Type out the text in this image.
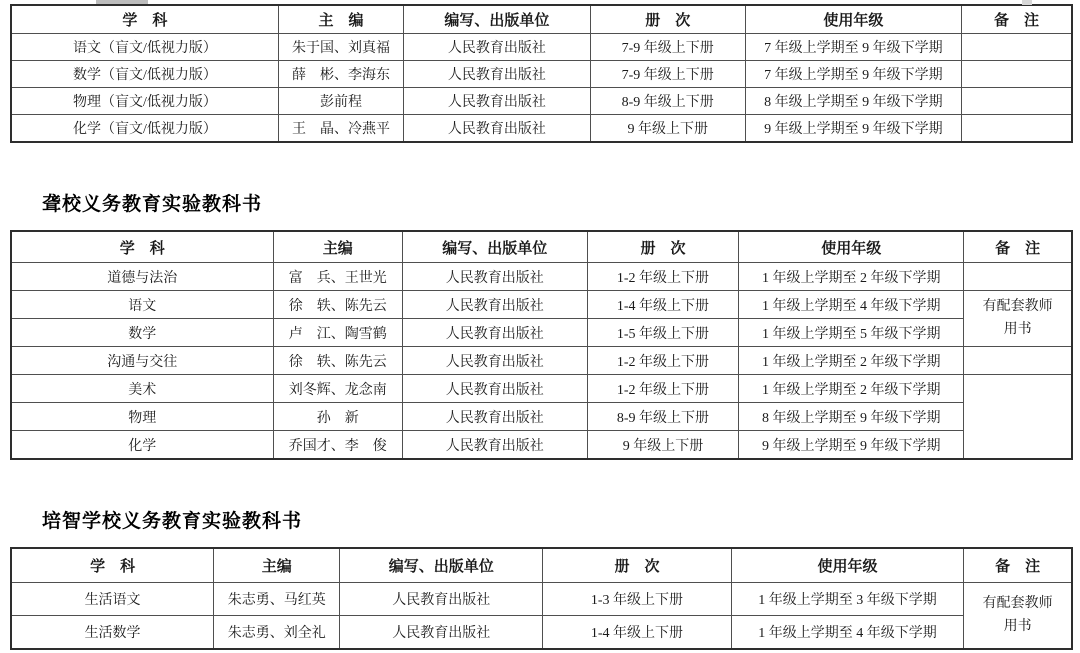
学　科	主　编	编写、出版单位	册　次	使用年级	备　注
语文（盲文/低视力版）	朱于国、刘真福	人民教育出版社	7-9 年级上下册	7 年级上学期至 9 年级下学期	
数学（盲文/低视力版）	薛　彬、李海东	人民教育出版社	7-9 年级上下册	7 年级上学期至 9 年级下学期	
物理（盲文/低视力版）	彭前程	人民教育出版社	8-9 年级上下册	8 年级上学期至 9 年级下学期	
化学（盲文/低视力版）	王　晶、冷燕平	人民教育出版社	9 年级上下册	9 年级上学期至 9 年级下学期	
聋校义务教育实验教科书
学　科	主编	编写、出版单位	册　次	使用年级	备　注
道德与法治	富　兵、王世光	人民教育出版社	1-2 年级上下册	1 年级上学期至 2 年级下学期	
语文	徐　轶、陈先云	人民教育出版社	1-4 年级上下册	1 年级上学期至 4 年级下学期	有配套教师用书
数学	卢　江、陶雪鹤	人民教育出版社	1-5 年级上下册	1 年级上学期至 5 年级下学期	
沟通与交往	徐　轶、陈先云	人民教育出版社	1-2 年级上下册	1 年级上学期至 2 年级下学期	
美术	刘冬辉、龙念南	人民教育出版社	1-2 年级上下册	1 年级上学期至 2 年级下学期	
物理	孙　新	人民教育出版社	8-9 年级上下册	8 年级上学期至 9 年级下学期	
化学	乔国才、李　俊	人民教育出版社	9 年级上下册	9 年级上学期至 9 年级下学期	
培智学校义务教育实验教科书
学　科	主编	编写、出版单位	册　次	使用年级	备　注
生活语文	朱志勇、马红英	人民教育出版社	1-3 年级上下册	1 年级上学期至 3 年级下学期	有配套教师用书
生活数学	朱志勇、刘全礼	人民教育出版社	1-4 年级上下册	1 年级上学期至 4 年级下学期	
